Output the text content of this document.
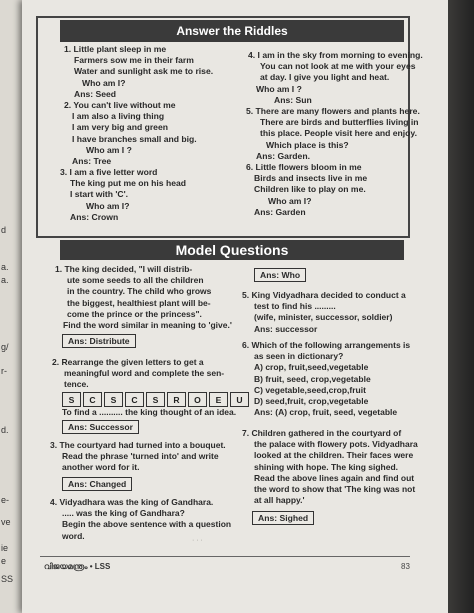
d
a.
a.
g/
r-
d.
e-
ve
ie
e
SS
Answer the Riddles
1. Little plant sleep in me
Farmers sow me in their farm
Water and sunlight ask me to rise.
Who am I?
Ans: Seed
2. You can't live without me
I am also a living thing
I am very big and green
I have branches small and big.
Who am I ?
Ans: Tree
3. I am a five letter word
The king put me on his head
I start with 'C'.
Who am I?
Ans: Crown
4. I am in the sky from morning to evening.
You can not look at me with your eyes
at day. I give you light and heat.
Who am I ?
Ans: Sun
5. There are many flowers and plants here.
There are birds and butterflies living in
this place. People visit here and enjoy.
Which place is this?
Ans: Garden.
6. Little flowers bloom in me
Birds and insects live in me
Children like to play on me.
Who am I?
Ans: Garden
Model Questions
1. The king decided, "I will distrib-
ute some seeds to all the children
in the country. The child who grows
the biggest, healthiest plant will be-
come the prince or the princess".
Find the word similar in meaning to 'give.'
Ans: Distribute
Ans: Who
2. Rearrange the given letters to get a
meaningful word and complete the sen-
tence.
S	C	S	C	S	R	O	E	U
To find a .......... the king thought of an idea.
Ans: Successor
3. The courtyard had turned into a bouquet.
Read the phrase 'turned into' and write
another word for it.
Ans: Changed
4. Vidyadhara was the king of Gandhara.
..... was the king of Gandhara?
Begin the above sentence with a question
word.
5. King Vidyadhara decided to conduct a
test to find his .........
(wife, minister, successor, soldier)
Ans: successor
6. Which of the following arrangements is
as seen in dictionary?
A) crop, fruit,seed,vegetable
B) fruit, seed, crop,vegetable
C) vegetable,seed,crop,fruit
D) seed,fruit, crop,vegetable
Ans: (A) crop, fruit, seed, vegetable
7. Children gathered in the courtyard of
the palace with flowery pots. Vidyadhara
looked at the children. Their faces were
shining with hope. The king sighed.
Read the above lines again and find out
the word to show that 'The king was not
at all happy.'
Ans: Sighed
· · ·
വിജയമന്ത്രം • LSS	83
